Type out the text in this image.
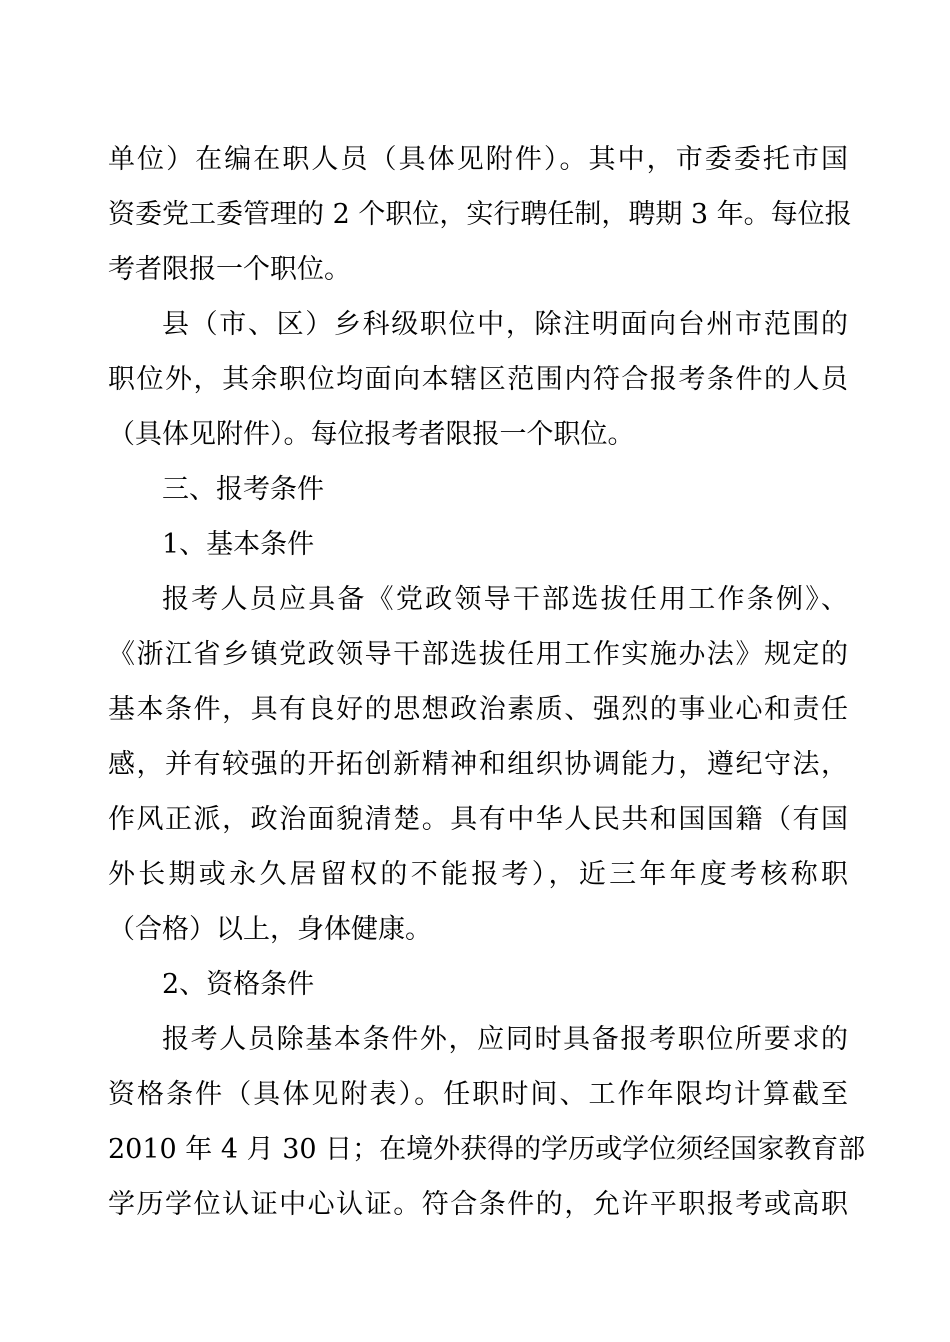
单位）在编在职人员（具体见附件）。其中，市委委托市国
资委党工委管理的 2 个职位，实行聘任制，聘期 3 年。每位报
考者限报一个职位。
县（市、区）乡科级职位中，除注明面向台州市范围的
职位外，其余职位均面向本辖区范围内符合报考条件的人员
（具体见附件）。每位报考者限报一个职位。
三、报考条件
1、基本条件
报考人员应具备《党政领导干部选拔任用工作条例》、
《浙江省乡镇党政领导干部选拔任用工作实施办法》规定的
基本条件，具有良好的思想政治素质、强烈的事业心和责任
感，并有较强的开拓创新精神和组织协调能力，遵纪守法，
作风正派，政治面貌清楚。具有中华人民共和国国籍（有国
外长期或永久居留权的不能报考），近三年年度考核称职
（合格）以上，身体健康。
2、资格条件
报考人员除基本条件外，应同时具备报考职位所要求的
资格条件（具体见附表）。任职时间、工作年限均计算截至
2010 年 4 月 30 日；在境外获得的学历或学位须经国家教育部
学历学位认证中心认证。符合条件的，允许平职报考或高职
